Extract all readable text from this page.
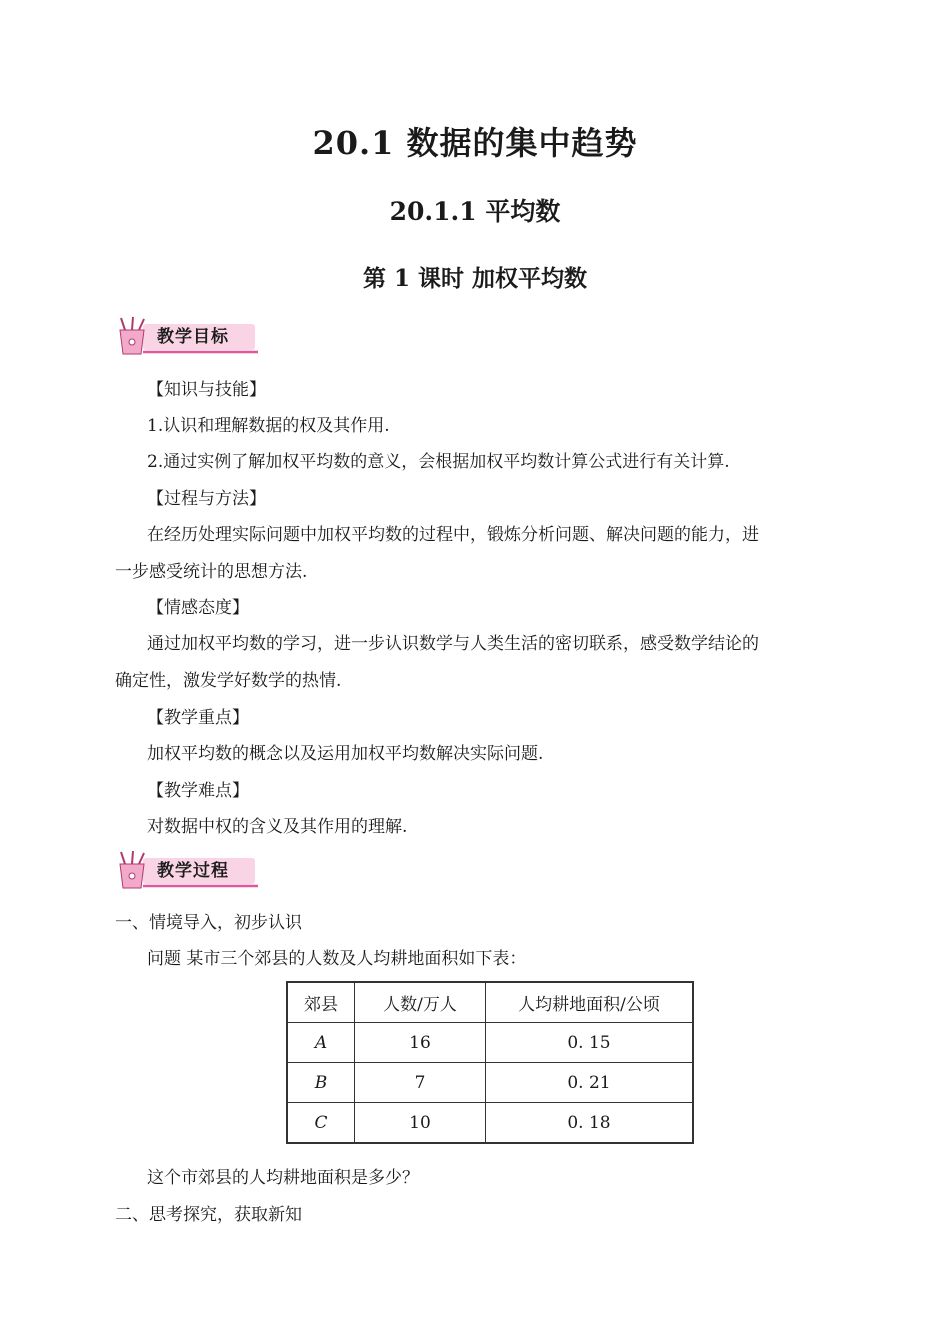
20.1 数据的集中趋势
20.1.1 平均数
第 1 课时 加权平均数
教学目标
【知识与技能】
1.认识和理解数据的权及其作用.
2.通过实例了解加权平均数的意义，会根据加权平均数计算公式进行有关计算.
【过程与方法】
在经历处理实际问题中加权平均数的过程中，锻炼分析问题、解决问题的能力，进
一步感受统计的思想方法.
【情感态度】
通过加权平均数的学习，进一步认识数学与人类生活的密切联系，感受数学结论的
确定性，激发学好数学的热情.
【教学重点】
加权平均数的概念以及运用加权平均数解决实际问题.
【教学难点】
对数据中权的含义及其作用的理解.
教学过程
一、情境导入，初步认识
问题 某市三个郊县的人数及人均耕地面积如下表：
郊县	人数/万人	人均耕地面积/公顷
A	16	0. 15
B	7	0. 21
C	10	0. 18
这个市郊县的人均耕地面积是多少？
二、思考探究，获取新知
